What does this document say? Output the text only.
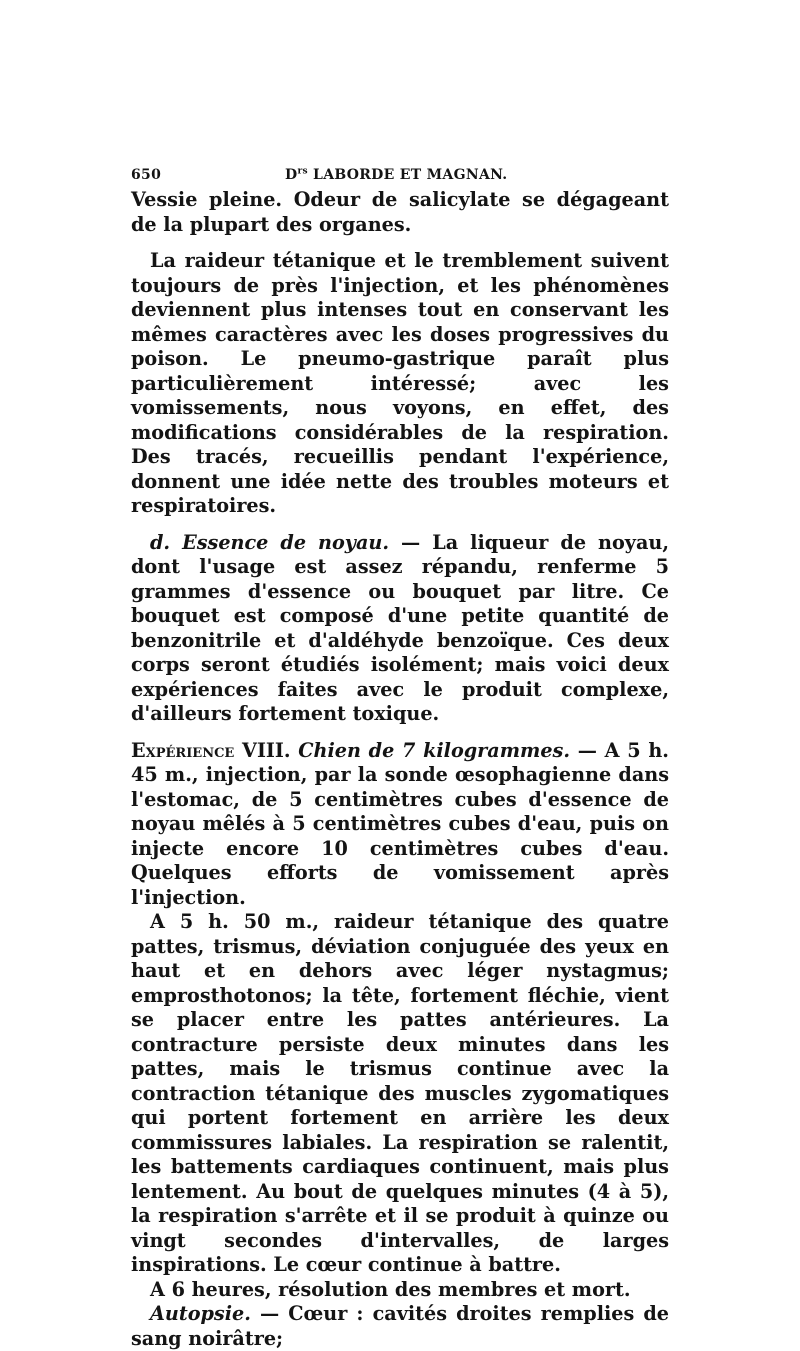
650	$D^{rs}$ LABORDE ET MAGNAN.

Vessie pleine. Odeur de salicylate se dégageant de la plupart des organes.

La raideur tétanique et le tremblement suivent toujours de près l'injection, et les phénomènes deviennent plus intenses tout en conservant les mêmes caractères avec les doses progressives du poison. Le pneumo-gastrique paraît plus particulièrement intéressé; avec les vomissements, nous voyons, en effet, des modifications considérables de la respiration. Des tracés, recueillis pendant l'expérience, donnent une idée nette des troubles moteurs et respiratoires.

d. Essence de noyau. — La liqueur de noyau, dont l'usage est assez répandu, renferme 5 grammes d'essence ou bouquet par litre. Ce bouquet est composé d'une petite quantité de benzonitrile et d'aldéhyde benzoïque. Ces deux corps seront étudiés isolément; mais voici deux expériences faites avec le produit complexe, d'ailleurs fortement toxique.

Expérience VIII. Chien de 7 kilogrammes. — A 5 h. 45 m., injection, par la sonde œsophagienne dans l'estomac, de 5 centimètres cubes d'essence de noyau mêlés à 5 centimètres cubes d'eau, puis on injecte encore 10 centimètres cubes d'eau. Quelques efforts de vomissement après l'injection.

A 5 h. 50 m., raideur tétanique des quatre pattes, trismus, déviation conjuguée des yeux en haut et en dehors avec léger nystagmus; emprosthotonos; la tête, fortement fléchie, vient se placer entre les pattes antérieures. La contracture persiste deux minutes dans les pattes, mais le trismus continue avec la contraction tétanique des muscles zygomatiques qui portent fortement en arrière les deux commissures labiales. La respiration se ralentit, les battements cardiaques continuent, mais plus lentement. Au bout de quelques minutes (4 à 5), la respiration s'arrête et il se produit à quinze ou vingt secondes d'intervalles, de larges inspirations. Le cœur continue à battre.

A 6 heures, résolution des membres et mort.

Autopsie. — Cœur : cavités droites remplies de sang noirâtre;
